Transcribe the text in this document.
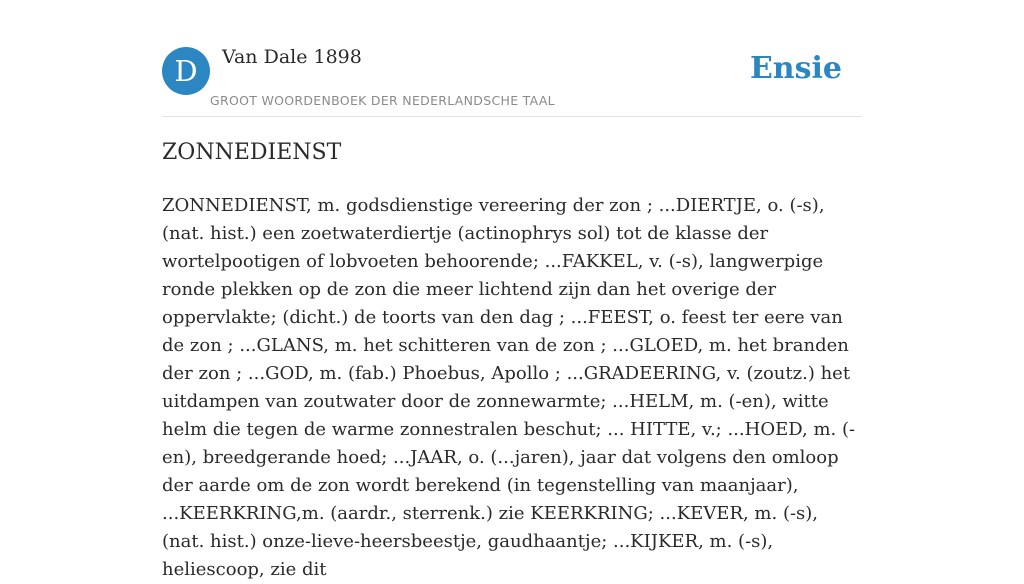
D	Van Dale 1898
GROOT WOORDENBOEK DER NEDERLANDSCHE TAAL
Ensie
ZONNEDIENST

ZONNEDIENST, m. godsdienstige vereering der zon ; ...DIERTJE, o. (-s), (nat. hist.) een zoetwaterdiertje (actinophrys sol) tot de klasse der wortelpootigen of lobvoeten behoorende; ...FAKKEL, v. (-s), langwerpige ronde plekken op de zon die meer lichtend zijn dan het overige der oppervlakte; (dicht.) de toorts van den dag ; ...FEEST, o. feest ter eere van de zon ; ...GLANS, m. het schitteren van de zon ; ...GLOED, m. het branden der zon ; ...GOD, m. (fab.) Phoebus, Apollo ; ...GRADEERING, v. (zoutz.) het uitdampen van zoutwater door de zonnewarmte; ...HELM, m. (-en), witte helm die tegen de warme zonnestralen beschut; ... HITTE, v.; ...HOED, m. (-en), breedgerande hoed; ...JAAR, o. (...jaren), jaar dat volgens den omloop der aarde om de zon wordt berekend (in tegenstelling van maanjaar), ...KEERKRING,m. (aardr., sterrenk.) zie KEERKRING; ...KEVER, m. (-s), (nat. hist.) onze-lieve-heersbeestje, gaudhaantje; ...KIJKER, m. (-s), heliescoop, zie dit
